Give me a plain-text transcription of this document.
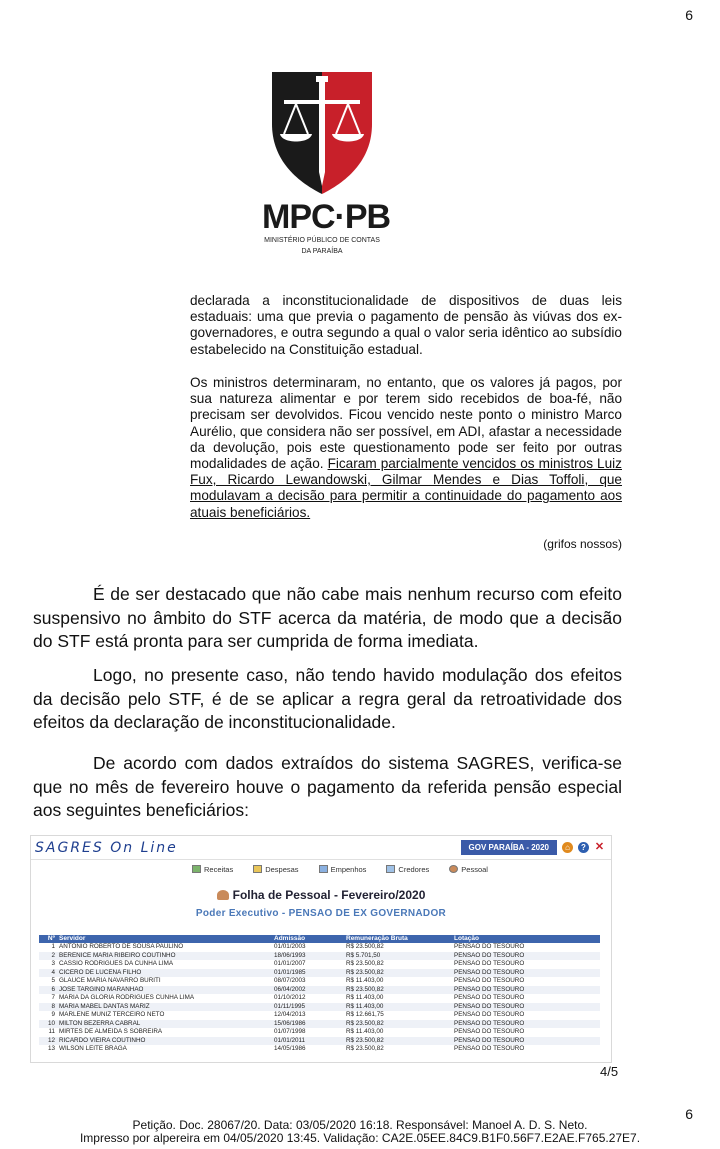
6
MPC·PB
MINISTÉRIO PÚBLICO DE CONTAS
DA PARAÍBA

declarada a inconstitucionalidade de dispositivos de duas leis estaduais: uma que previa o pagamento de pensão às viúvas dos ex-governadores, e outra segundo a qual o valor seria idêntico ao subsídio estabelecido na Constituição estadual.

Os ministros determinaram, no entanto, que os valores já pagos, por sua natureza alimentar e por terem sido recebidos de boa-fé, não precisam ser devolvidos. Ficou vencido neste ponto o ministro Marco Aurélio, que considera não ser possível, em ADI, afastar a necessidade da devolução, pois este questionamento pode ser feito por outras modalidades de ação. Ficaram parcialmente vencidos os ministros Luiz Fux, Ricardo Lewandowski, Gilmar Mendes e Dias Toffoli, que modulavam a decisão para permitir a continuidade do pagamento aos atuais beneficiários.

(grifos nossos)

É de ser destacado que não cabe mais nenhum recurso com efeito suspensivo no âmbito do STF acerca da matéria, de modo que a decisão do STF está pronta para ser cumprida de forma imediata.

Logo, no presente caso, não tendo havido modulação dos efeitos da decisão pelo STF, é de se aplicar a regra geral da retroatividade dos efeitos da declaração de inconstitucionalidade.

De acordo com dados extraídos do sistema SAGRES, verifica-se que no mês de fevereiro houve o pagamento da referida pensão especial aos seguintes beneficiários:

SAGRES On Line	GOV PARAÍBA - 2020	⌂	? ✕
Receitas	Despesas	Empenhos	Credores	Pessoal
Folha de Pessoal - Fevereiro/2020
Poder Executivo - PENSAO DE EX GOVERNADOR
Nº	Servidor	Admissão	Remuneração Bruta	Lotação
1	ANTONIO ROBERTO DE SOUSA PAULINO	01/01/2003	R$ 23.500,82	PENSAO DO TESOURO
2	BERENICE MARIA RIBEIRO COUTINHO	18/06/1993	R$ 5.701,50	PENSAO DO TESOURO
3	CASSIO RODRIGUES DA CUNHA LIMA	01/01/2007	R$ 23.500,82	PENSAO DO TESOURO
4	CICERO DE LUCENA FILHO	01/01/1985	R$ 23.500,82	PENSAO DO TESOURO
5	GLAUCE MARIA NAVARRO BURITI	08/07/2003	R$ 11.403,00	PENSAO DO TESOURO
6	JOSE TARGINO MARANHAO	06/04/2002	R$ 23.500,82	PENSAO DO TESOURO
7	MARIA DA GLORIA RODRIGUES CUNHA LIMA	01/10/2012	R$ 11.403,00	PENSAO DO TESOURO
8	MARIA MABEL DANTAS MARIZ	01/11/1995	R$ 11.403,00	PENSAO DO TESOURO
9	MARLENE MUNIZ TERCEIRO NETO	12/04/2013	R$ 12.661,75	PENSAO DO TESOURO
10	MILTON BEZERRA CABRAL	15/06/1986	R$ 23.500,82	PENSAO DO TESOURO
11	MIRTES DE ALMEIDA S SOBREIRA	01/07/1998	R$ 11.403,00	PENSAO DO TESOURO
12	RICARDO VIEIRA COUTINHO	01/01/2011	R$ 23.500,82	PENSAO DO TESOURO
13	WILSON LEITE BRAGA	14/05/1986	R$ 23.500,82	PENSAO DO TESOURO
4/5
6
Petição. Doc. 28067/20. Data: 03/05/2020 16:18. Responsável: Manoel A. D. S. Neto.
Impresso por alpereira em 04/05/2020 13:45. Validação: CA2E.05EE.84C9.B1F0.56F7.E2AE.F765.27E7.
